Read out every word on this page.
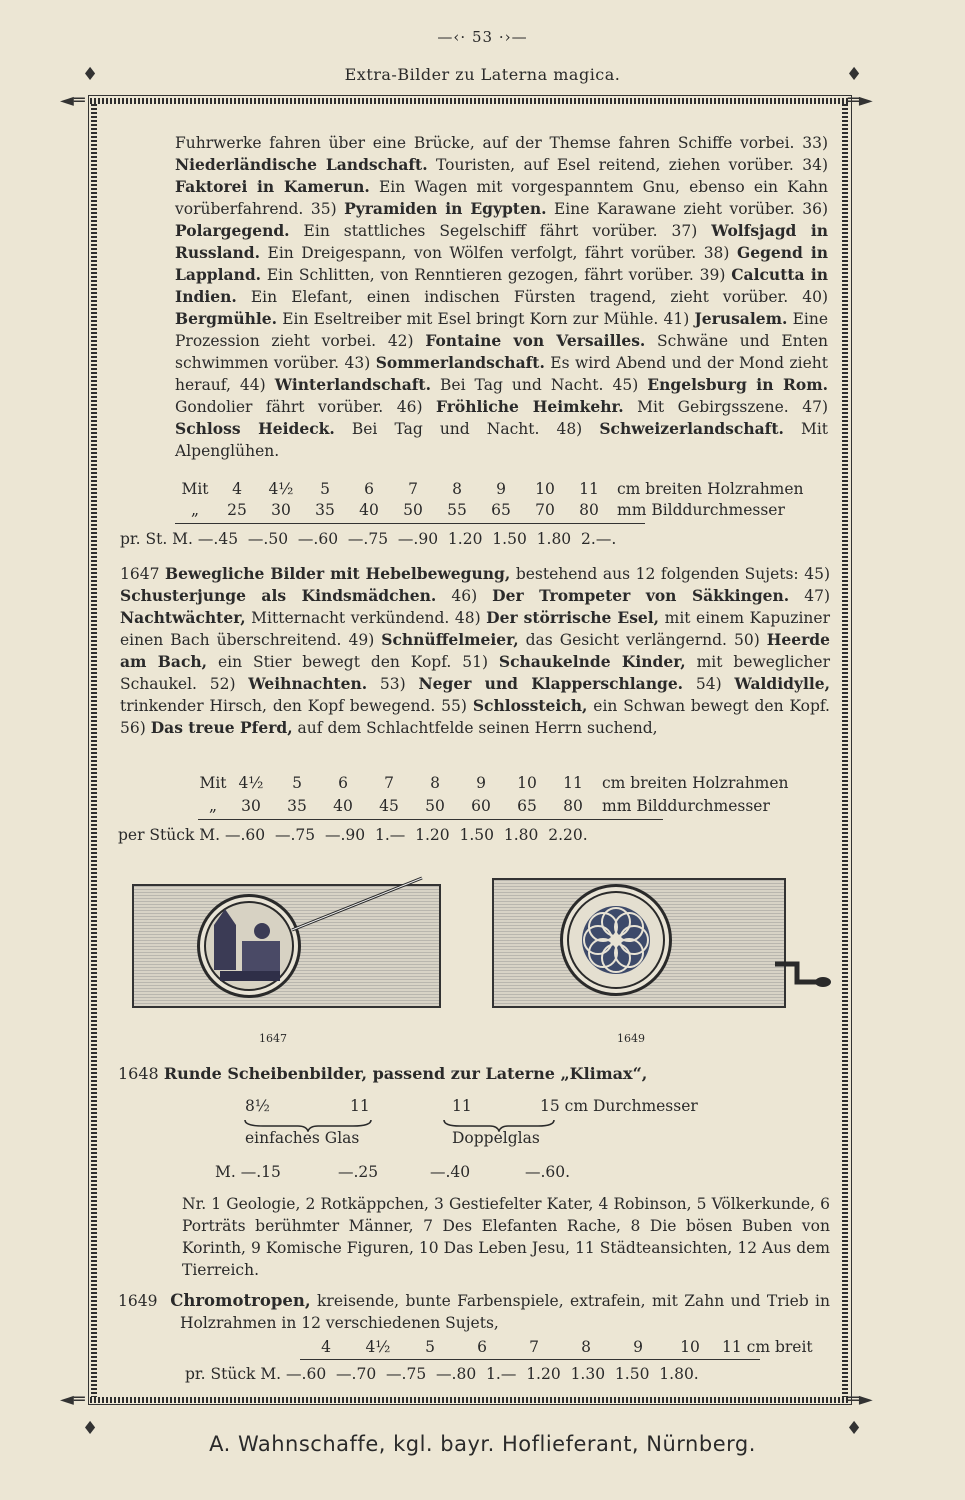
—‹· 53 ·›—
Extra-Bilder zu Laterna magica.
◄═	═►
◄═	═►
♦	♦
♦	♦

Fuhrwerke fahren über eine Brücke, auf der Themse fahren Schiffe vorbei. 33) Niederländische Landschaft. Touristen, auf Esel reitend, ziehen vorüber. 34) Faktorei in Kamerun. Ein Wagen mit vorgespanntem Gnu, ebenso ein Kahn vorüberfahrend. 35) Pyramiden in Egypten. Eine Karawane zieht vorüber. 36) Polargegend. Ein stattliches Segelschiff fährt vorüber. 37) Wolfsjagd in Russland. Ein Dreigespann, von Wölfen verfolgt, fährt vorüber. 38) Gegend in Lappland. Ein Schlitten, von Renntieren gezogen, fährt vorüber. 39) Calcutta in Indien. Ein Elefant, einen indischen Fürsten tragend, zieht vorüber. 40) Bergmühle. Ein Eseltreiber mit Esel bringt Korn zur Mühle. 41) Jerusalem. Eine Prozession zieht vorbei. 42) Fontaine von Versailles. Schwäne und Enten schwimmen vorüber. 43) Sommerlandschaft. Es wird Abend und der Mond zieht herauf, 44) Winterlandschaft. Bei Tag und Nacht. 45) Engelsburg in Rom. Gondolier fährt vorüber. 46) Fröhliche Heimkehr. Mit Gebirgsszene. 47) Schloss Heideck. Bei Tag und Nacht. 48) Schweizerlandschaft. Mit Alpenglühen.

Mit	4	4½	5	6	7	8	9	10	11	cm breiten Holzrahmen
„	25	30	35	40	50	55	65	70	80	mm Bilddurchmesser
pr. St. M. —.45  —.50  —.60  —.75  —.90  1.20  1.50  1.80  2.—.

1647 Bewegliche Bilder mit Hebelbewegung, bestehend aus 12 folgenden Sujets: 45) Schusterjunge als Kindsmädchen. 46) Der Trompeter von Säkkingen. 47) Nachtwächter, Mitternacht verkündend. 48) Der störrische Esel, mit einem Kapuziner einen Bach überschreitend. 49) Schnüffelmeier, das Gesicht verlängernd. 50) Heerde am Bach, ein Stier bewegt den Kopf. 51) Schaukelnde Kinder, mit beweglicher Schaukel. 52) Weihnachten. 53) Neger und Klapperschlange. 54) Waldidylle, trinkender Hirsch, den Kopf bewegend. 55) Schlossteich, ein Schwan bewegt den Kopf. 56) Das treue Pferd, auf dem Schlachtfelde seinen Herrn suchend,

Mit 4½	5	6	7	8	9	10	11	cm breiten Holzrahmen
„	30	35	40	45	50	60	65	80	mm Bilddurchmesser
per Stück M. —.60  —.75  —.90  1.—  1.20  1.50  1.80  2.20.
1647	1649
1648 Runde Scheibenbilder, passend zur Laterne „Klimax“,
8½	11	11	15 cm Durchmesser
einfaches Glas	Doppelglas
M. —.15	—.25	—.40	—.60.
Nr. 1 Geologie, 2 Rotkäppchen, 3 Gestiefelter Kater, 4 Robinson, 5 Völkerkunde, 6 Porträts berühmter Männer, 7 Des Elefanten Rache, 8 Die bösen Buben von Korinth, 9 Komische Figuren, 10 Das Leben Jesu, 11 Städteansichten, 12 Aus dem Tierreich.

1649 Chromotropen, kreisende, bunte Farbenspiele, extrafein, mit Zahn und Trieb in Holzrahmen in 12 verschiedenen Sujets,

4	4½	5	6	7	8	9	10	11 cm breit
pr. Stück M. —.60  —.70  —.75  —.80  1.—  1.20  1.30  1.50  1.80.
A. Wahnschaffe, kgl. bayr. Hoflieferant, Nürnberg.
